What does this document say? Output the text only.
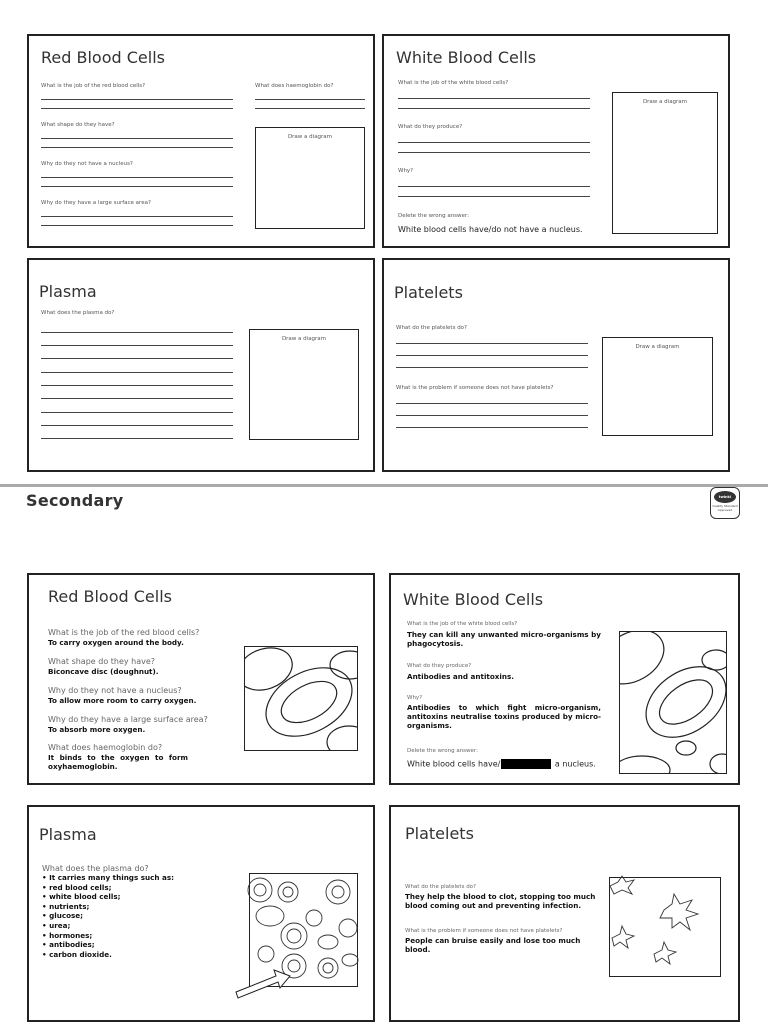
Red Blood Cells
What is the job of the red blood cells?
What shape do they have?
Why do they not have a nucleus?
Why do they have a large surface area?
What does haemoglobin do?
Draw a diagram
White Blood Cells
What is the job of the white blood cells?
What do they produce?
Why?
Delete the wrong answer:
White blood cells have/do not have a nucleus.
Draw a diagram
Plasma
What does the plasma do?
Draw a diagram
Platelets
What do the platelets do?
What is the problem if someone does not have platelets?
Draw a diagram
Secondary	twinkl
Quality Standard Approved
Red Blood Cells
What is the job of the red blood cells?
To carry oxygen around the body.
What shape do they have?
Biconcave disc (doughnut).
Why do they not have a nucleus?
To allow more room to carry oxygen.
Why do they have a large surface area?
To absorb more oxygen.
What does haemoglobin do?
It binds to the oxygen to form oxyhaemoglobin.
White Blood Cells
What is the job of the white blood cells?
They can kill any unwanted micro-organisms by phagocytosis.
What do they produce?
Antibodies and antitoxins.
Why?
Antibodies to which fight micro-organism, antitoxins neutralise toxins produced by micro-organisms.
Delete the wrong answer:
White blood cells have/	a nucleus.
Plasma
What does the plasma do?
• It carries many things such as:
• red blood cells;
• white blood cells;
• nutrients;
• glucose;
• urea;
• hormones;
• antibodies;
• carbon dioxide.
Platelets
What do the platelets do?
They help the blood to clot, stopping too much blood coming out and preventing infection.
What is the problem if someone does not have platelets?
People can bruise easily and lose too much blood.
